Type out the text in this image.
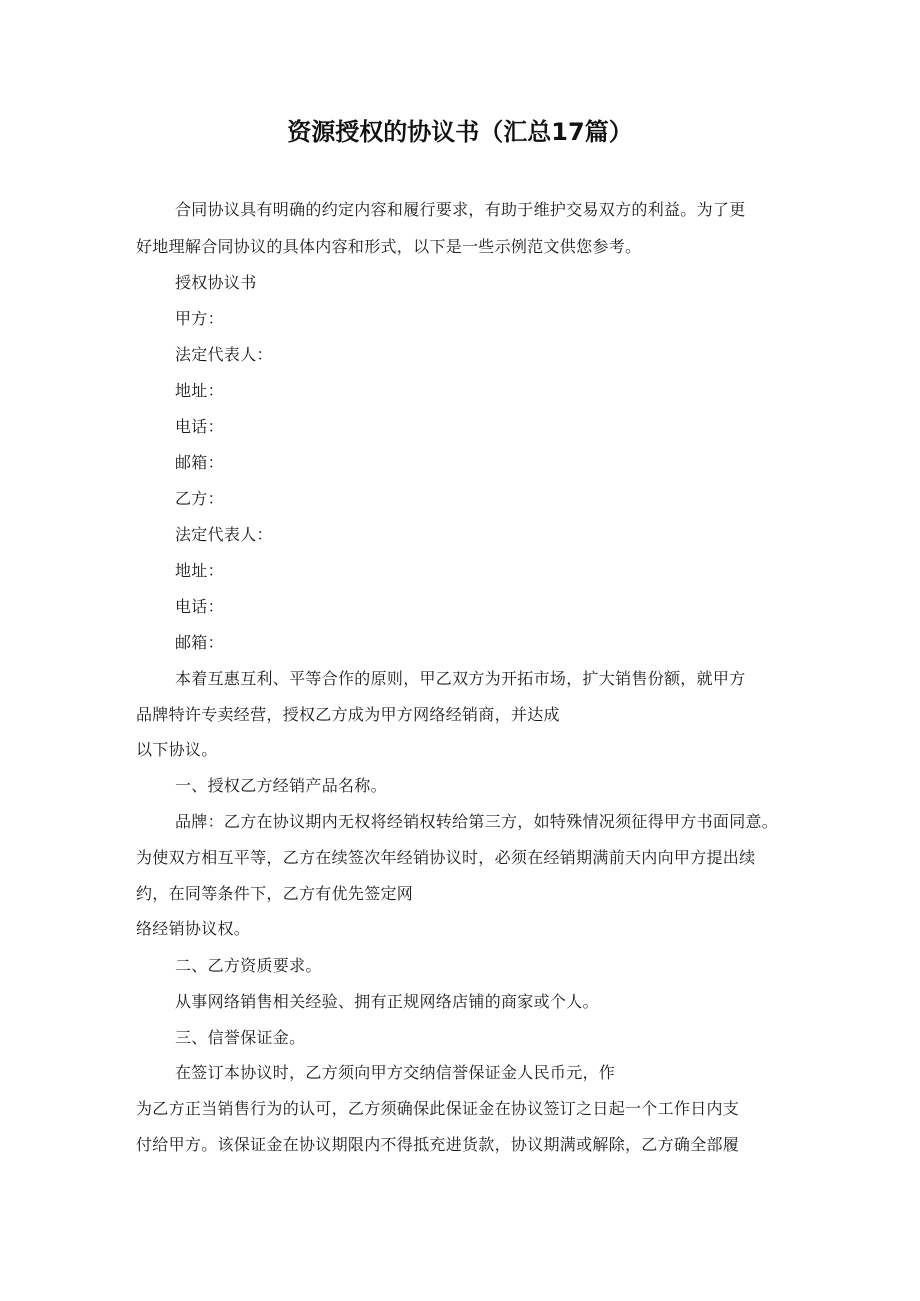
资源授权的协议书（汇总17篇）
合同协议具有明确的约定内容和履行要求，有助于维护交易双方的利益。为了更
好地理解合同协议的具体内容和形式，以下是一些示例范文供您参考。
授权协议书
甲方：
法定代表人：
地址：
电话：
邮箱：
乙方：
法定代表人：
地址：
电话：
邮箱：
本着互惠互利、平等合作的原则，甲乙双方为开拓市场，扩大销售份额，就甲方
品牌特许专卖经营，授权乙方成为甲方网络经销商，并达成
以下协议。
一、授权乙方经销产品名称。
品牌：乙方在协议期内无权将经销权转给第三方，如特殊情况须征得甲方书面同意。
为使双方相互平等，乙方在续签次年经销协议时，必须在经销期满前天内向甲方提出续
约，在同等条件下，乙方有优先签定网
络经销协议权。
二、乙方资质要求。
从事网络销售相关经验、拥有正规网络店铺的商家或个人。
三、信誉保证金。
在签订本协议时，乙方须向甲方交纳信誉保证金人民币元，作
为乙方正当销售行为的认可，乙方须确保此保证金在协议签订之日起一个工作日内支
付给甲方。该保证金在协议期限内不得抵充进货款，协议期满或解除，乙方确全部履
